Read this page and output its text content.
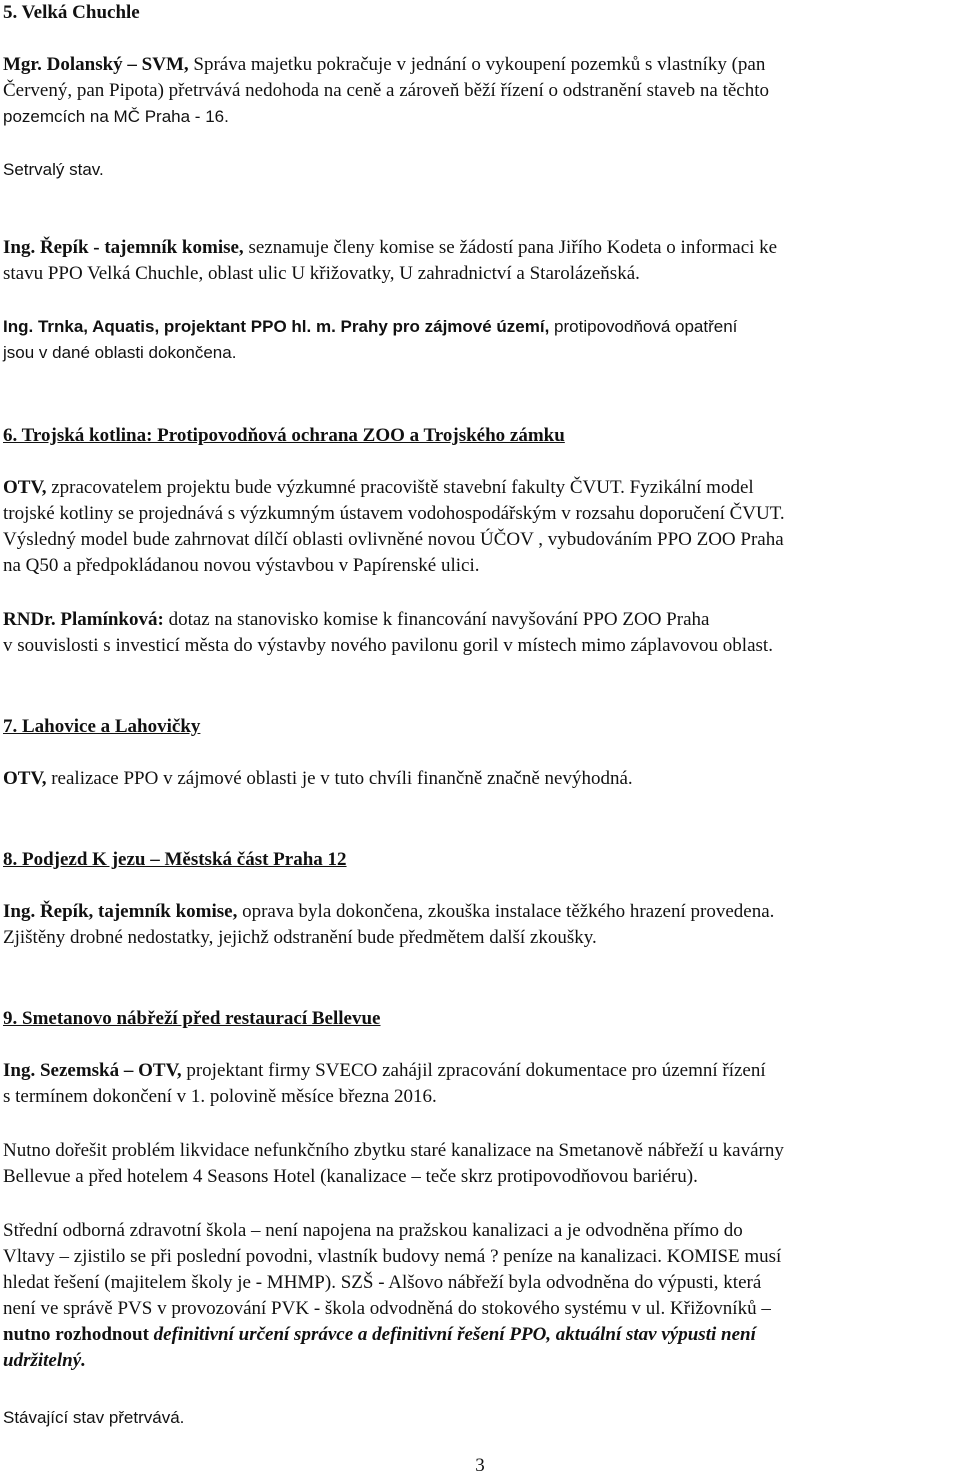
5. Velká Chuchle
Mgr. Dolanský – SVM, Správa majetku pokračuje v jednání o vykoupení pozemků s vlastníky (pan
Červený, pan Pipota) přetrvává nedohoda na ceně a zároveň běží řízení o odstranění staveb na těchto
pozemcích na MČ Praha - 16.
Setrvalý stav.
Ing. Řepík - tajemník komise, seznamuje členy komise se žádostí pana Jiřího Kodeta o informaci ke
stavu PPO Velká Chuchle, oblast ulic U křižovatky, U zahradnictví a Starolázeňská.
Ing. Trnka, Aquatis, projektant PPO hl. m. Prahy pro zájmové území, protipovodňová opatření
jsou v dané oblasti dokončena.
6. Trojská kotlina: Protipovodňová ochrana ZOO a Trojského zámku
OTV, zpracovatelem projektu bude výzkumné pracoviště stavební fakulty ČVUT. Fyzikální model
trojské kotliny se projednává s výzkumným ústavem vodohospodářským v rozsahu doporučení ČVUT.
Výsledný model bude zahrnovat dílčí oblasti ovlivněné novou ÚČOV , vybudováním PPO ZOO Praha
na Q50 a předpokládanou novou výstavbou v Papírenské ulici.
RNDr. Plamínková: dotaz na stanovisko komise k financování navyšování PPO ZOO Praha
v souvislosti s investicí města do výstavby nového pavilonu goril v místech mimo záplavovou oblast.
7. Lahovice a Lahovičky
OTV, realizace PPO v zájmové oblasti je v tuto chvíli finančně značně nevýhodná.
8. Podjezd K jezu – Městská část Praha 12
Ing. Řepík, tajemník komise, oprava byla dokončena, zkouška instalace těžkého hrazení provedena.
Zjištěny drobné nedostatky, jejichž odstranění bude předmětem další zkoušky.
9. Smetanovo nábřeží před restaurací Bellevue
Ing. Sezemská – OTV, projektant firmy SVECO zahájil zpracování dokumentace pro územní řízení
s termínem dokončení v 1. polovině měsíce března 2016.
Nutno dořešit problém likvidace nefunkčního zbytku staré kanalizace na Smetanově nábřeží u kavárny
Bellevue a před hotelem 4 Seasons Hotel (kanalizace – teče skrz protipovodňovou bariéru).
Střední odborná zdravotní škola – není napojena na pražskou kanalizaci a je odvodněna přímo do
Vltavy – zjistilo se při poslední povodni, vlastník budovy nemá ? peníze na kanalizaci. KOMISE musí
hledat řešení (majitelem školy je - MHMP). SZŠ - Alšovo nábřeží byla odvodněna do výpusti, která
není ve správě PVS v provozování PVK - škola odvodněná do stokového systému v ul. Křižovníků –
nutno rozhodnout definitivní určení správce a definitivní řešení PPO, aktuální stav výpusti není
udržitelný.
Stávající stav přetrvává.
3
